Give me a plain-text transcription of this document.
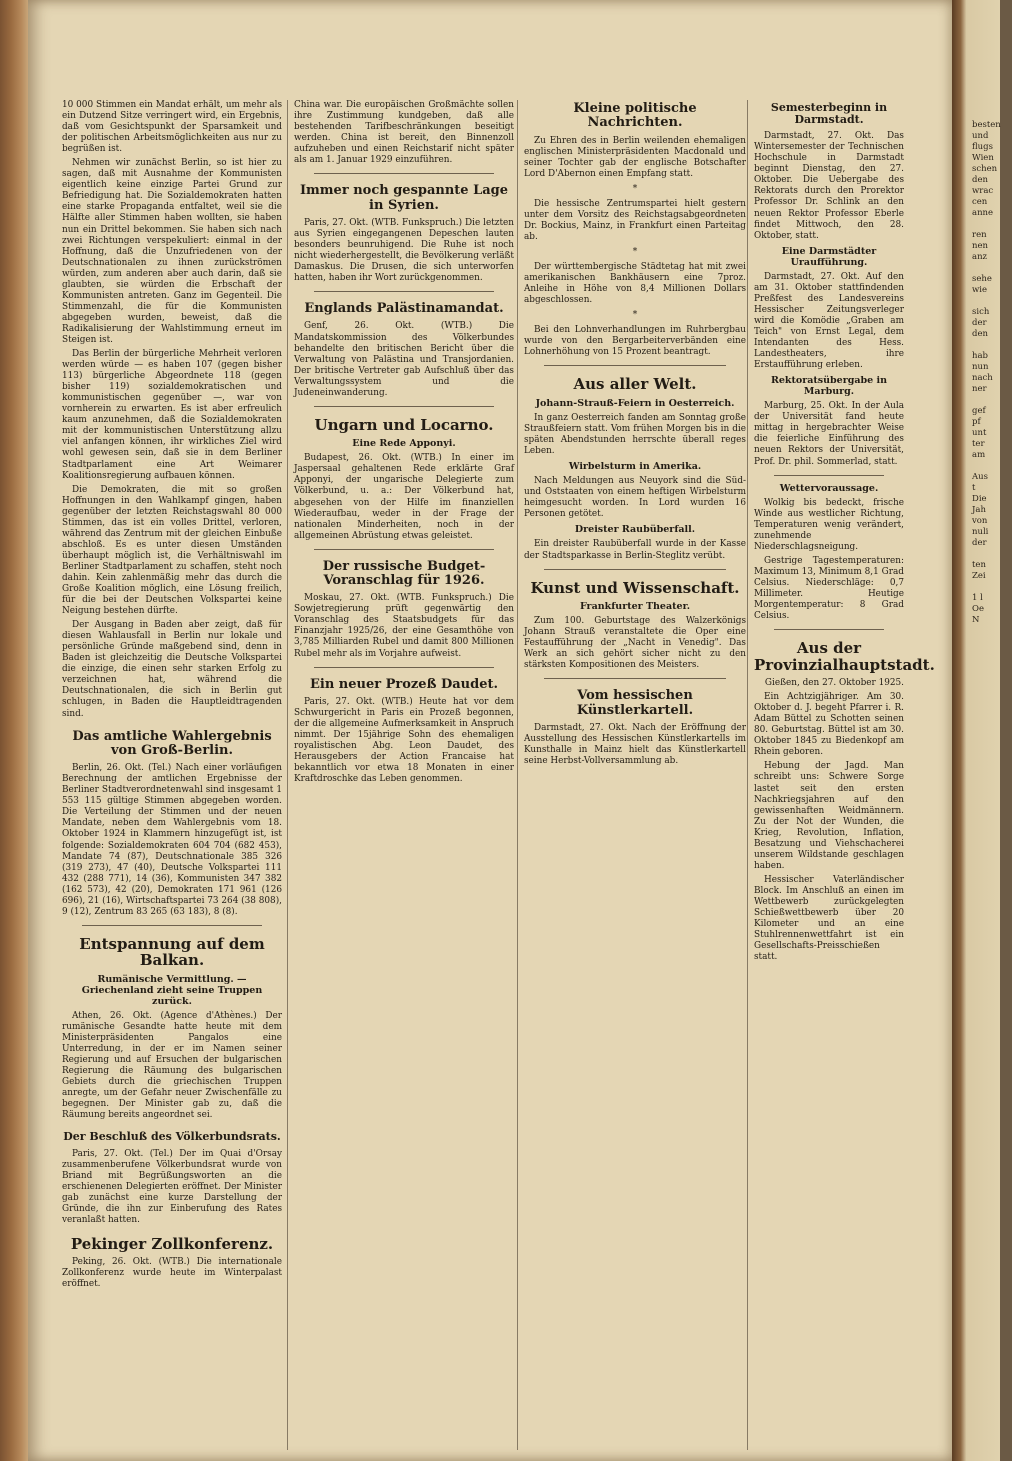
10 000 Stimmen ein Mandat erhält, um mehr als ein Dutzend Sitze verringert wird, ein Ergebnis, daß vom Gesichtspunkt der Sparsamkeit und der politischen Arbeitsmöglichkeiten aus nur zu begrüßen ist.

Nehmen wir zunächst Berlin, so ist hier zu sagen, daß mit Ausnahme der Kommunisten eigentlich keine einzige Partei Grund zur Befriedigung hat. Die Sozialdemokraten hatten eine starke Propaganda entfaltet, weil sie die Hälfte aller Stimmen haben wollten, sie haben nun ein Drittel bekommen. Sie haben sich nach zwei Richtungen verspekuliert: einmal in der Hoffnung, daß die Unzufriedenen von der Deutschnationalen zu ihnen zurückströmen würden, zum anderen aber auch darin, daß sie glaubten, sie würden die Erbschaft der Kommunisten antreten. Ganz im Gegenteil. Die Stimmenzahl, die für die Kommunisten abgegeben wurden, beweist, daß die Radikalisierung der Wahlstimmung erneut im Steigen ist.

Das Berlin der bürgerliche Mehrheit verloren werden würde — es haben 107 (gegen bisher 113) bürgerliche Abgeordnete 118 (gegen bisher 119) sozialdemokratischen und kommunistischen gegenüber —, war von vornherein zu erwarten. Es ist aber erfreulich kaum anzunehmen, daß die Sozialdemokraten mit der kommunistischen Unterstützung allzu viel anfangen können, ihr wirkliches Ziel wird wohl gewesen sein, daß sie in dem Berliner Stadtparlament eine Art Weimarer Koalitionsregierung aufbauen können.

Die Demokraten, die mit so großen Hoffnungen in den Wahlkampf gingen, haben gegenüber der letzten Reichstagswahl 80 000 Stimmen, das ist ein volles Drittel, verloren, während das Zentrum mit der gleichen Einbuße abschloß. Es es unter diesen Umständen überhaupt möglich ist, die Verhältniswahl im Berliner Stadtparlament zu schaffen, steht noch dahin. Kein zahlenmäßig mehr das durch die Große Koalition möglich, eine Lösung freilich, für die bei der Deutschen Volkspartei keine Neigung bestehen dürfte.

Der Ausgang in Baden aber zeigt, daß für diesen Wahlausfall in Berlin nur lokale und persönliche Gründe maßgebend sind, denn in Baden ist gleichzeitig die Deutsche Volkspartei die einzige, die einen sehr starken Erfolg zu verzeichnen hat, während die Deutschnationalen, die sich in Berlin gut schlugen, in Baden die Hauptleidtragenden sind.

Das amtliche Wahlergebnis von Groß-Berlin.

Berlin, 26. Okt. (Tel.) Nach einer vorläufigen Berechnung der amtlichen Ergebnisse der Berliner Stadtverordnetenwahl sind insgesamt 1 553 115 gültige Stimmen abgegeben worden. Die Verteilung der Stimmen und der neuen Mandate, neben dem Wahlergebnis vom 18. Oktober 1924 in Klammern hinzugefügt ist, ist folgende: Sozialdemokraten 604 704 (682 453), Mandate 74 (87), Deutschnationale 385 326 (319 273), 47 (40), Deutsche Volkspartei 111 432 (288 771), 14 (36), Kommunisten 347 382 (162 573), 42 (20), Demokraten 171 961 (126 696), 21 (16), Wirtschaftspartei 73 264 (38 808), 9 (12), Zentrum 83 265 (63 183), 8 (8).

Entspannung auf dem Balkan.
Rumänische Vermittlung. — Griechenland zieht seine Truppen zurück.

Athen, 26. Okt. (Agence d'Athènes.) Der rumänische Gesandte hatte heute mit dem Ministerpräsidenten Pangalos eine Unterredung, in der er im Namen seiner Regierung und auf Ersuchen der bulgarischen Regierung die Räumung des bulgarischen Gebiets durch die griechischen Truppen anregte, um der Gefahr neuer Zwischenfälle zu begegnen. Der Minister gab zu, daß die Räumung bereits angeordnet sei.

Der Beschluß des Völkerbundsrats.

Paris, 27. Okt. (Tel.) Der im Quai d'Orsay zusammenberufene Völkerbundsrat wurde von Briand mit Begrüßungsworten an die erschienenen Delegierten eröffnet. Der Minister gab zunächst eine kurze Darstellung der Gründe, die ihn zur Einberufung des Rates veranlaßt hatten.

Pekinger Zollkonferenz.

Peking, 26. Okt. (WTB.) Die internationale Zollkonferenz wurde heute im Winterpalast eröffnet.

China war. Die europäischen Großmächte sollen ihre Zustimmung kundgeben, daß alle bestehenden Tarifbeschränkungen beseitigt werden. China ist bereit, den Binnenzoll aufzuheben und einen Reichstarif nicht später als am 1. Januar 1929 einzuführen.

Immer noch gespannte Lage in Syrien.

Paris, 27. Okt. (WTB. Funkspruch.) Die letzten aus Syrien eingegangenen Depeschen lauten besonders beunruhigend. Die Ruhe ist noch nicht wiederhergestellt, die Bevölkerung verläßt Damaskus. Die Drusen, die sich unterworfen hatten, haben ihr Wort zurückgenommen.

Englands Palästinamandat.

Genf, 26. Okt. (WTB.) Die Mandatskommission des Völkerbundes behandelte den britischen Bericht über die Verwaltung von Palästina und Transjordanien. Der britische Vertreter gab Aufschluß über das Verwaltungssystem und die Judeneinwanderung.

Ungarn und Locarno.
Eine Rede Apponyi.

Budapest, 26. Okt. (WTB.) In einer im Jaspersaal gehaltenen Rede erklärte Graf Apponyi, der ungarische Delegierte zum Völkerbund, u. a.: Der Völkerbund hat, abgesehen von der Hilfe im finanziellen Wiederaufbau, weder in der Frage der nationalen Minderheiten, noch in der allgemeinen Abrüstung etwas geleistet.

Der russische Budget-Voranschlag für 1926.

Moskau, 27. Okt. (WTB. Funkspruch.) Die Sowjetregierung prüft gegenwärtig den Voranschlag des Staatsbudgets für das Finanzjahr 1925/26, der eine Gesamthöhe von 3,785 Milliarden Rubel und damit 800 Millionen Rubel mehr als im Vorjahre aufweist.

Ein neuer Prozeß Daudet.

Paris, 27. Okt. (WTB.) Heute hat vor dem Schwurgericht in Paris ein Prozeß begonnen, der die allgemeine Aufmerksamkeit in Anspruch nimmt. Der 15jährige Sohn des ehemaligen royalistischen Abg. Leon Daudet, des Herausgebers der Action Francaise hat bekanntlich vor etwa 18 Monaten in einer Kraftdroschke das Leben genommen.

Kleine politische Nachrichten.

Zu Ehren des in Berlin weilenden ehemaligen englischen Ministerpräsidenten Macdonald und seiner Tochter gab der englische Botschafter Lord D'Abernon einen Empfang statt.

*

Die hessische Zentrumspartei hielt gestern unter dem Vorsitz des Reichstagsabgeordneten Dr. Bockius, Mainz, in Frankfurt einen Parteitag ab.

*

Der württembergische Städtetag hat mit zwei amerikanischen Bankhäusern eine 7proz. Anleihe in Höhe von 8,4 Millionen Dollars abgeschlossen.

*

Bei den Lohnverhandlungen im Ruhrbergbau wurde von den Bergarbeiterverbänden eine Lohnerhöhung von 15 Prozent beantragt.

Aus aller Welt.
Johann-Strauß-Feiern in Oesterreich.

In ganz Oesterreich fanden am Sonntag große Straußfeiern statt. Vom frühen Morgen bis in die späten Abendstunden herrschte überall reges Leben.

Wirbelsturm in Amerika.

Nach Meldungen aus Neuyork sind die Süd- und Oststaaten von einem heftigen Wirbelsturm heimgesucht worden. In Lord wurden 16 Personen getötet.

Dreister Raubüberfall.

Ein dreister Raubüberfall wurde in der Kasse der Stadtsparkasse in Berlin-Steglitz verübt.

Kunst und Wissenschaft.
Frankfurter Theater.

Zum 100. Geburtstage des Walzerkönigs Johann Strauß veranstaltete die Oper eine Festaufführung der „Nacht in Venedig". Das Werk an sich gehört sicher nicht zu den stärksten Kompositionen des Meisters.

Vom hessischen Künstlerkartell.

Darmstadt, 27. Okt. Nach der Eröffnung der Ausstellung des Hessischen Künstlerkartells im Kunsthalle in Mainz hielt das Künstlerkartell seine Herbst-Vollversammlung ab.

Semesterbeginn in Darmstadt.

Darmstadt, 27. Okt. Das Wintersemester der Technischen Hochschule in Darmstadt beginnt Dienstag, den 27. Oktober. Die Uebergabe des Rektorats durch den Prorektor Professor Dr. Schlink an den neuen Rektor Professor Eberle findet Mittwoch, den 28. Oktober, statt.

Eine Darmstädter Uraufführung.

Darmstadt, 27. Okt. Auf den am 31. Oktober stattfindenden Preßfest des Landesvereins Hessischer Zeitungsverleger wird die Komödie „Graben am Teich" von Ernst Legal, dem Intendanten des Hess. Landestheaters, ihre Erstaufführung erleben.

Rektoratsübergabe in Marburg.

Marburg, 25. Okt. In der Aula der Universität fand heute mittag in hergebrachter Weise die feierliche Einführung des neuen Rektors der Universität, Prof. Dr. phil. Sommerlad, statt.

Wettervoraussage.

Wolkig bis bedeckt, frische Winde aus westlicher Richtung, Temperaturen wenig verändert, zunehmende Niederschlagsneigung.

Gestrige Tagestemperaturen: Maximum 13, Minimum 8,1 Grad Celsius. Niederschläge: 0,7 Millimeter. Heutige Morgentemperatur: 8 Grad Celsius.

Aus der Provinzialhauptstadt.
Gießen, den 27. Oktober 1925.

Ein Achtzigjähriger. Am 30. Oktober d. J. begeht Pfarrer i. R. Adam Büttel zu Schotten seinen 80. Geburtstag. Büttel ist am 30. Oktober 1845 zu Biedenkopf am Rhein geboren.

Hebung der Jagd. Man schreibt uns: Schwere Sorge lastet seit den ersten Nachkriegsjahren auf den gewissenhaften Weidmännern. Zu der Not der Wunden, die Krieg, Revolution, Inflation, Besatzung und Viehschacherei unserem Wildstande geschlagen haben.

Hessischer Vaterländischer Block. Im Anschluß an einen im Wettbewerb zurückgelegten Schießwettbewerb über 20 Kilometer und an eine Stuhlrennenwettfahrt ist ein Gesellschafts-Preisschießen statt.

besten
und
flugs
Wien
schen
den
wrac
cen
anne

ren
nen
anz

sehe
wie

sich
der
den

hab
nun
nach
ner

gef
pf
unt
ter
am

Aus
t
Die
Jah
von
nuli
der

ten
Zei

1 l
Oe
N
